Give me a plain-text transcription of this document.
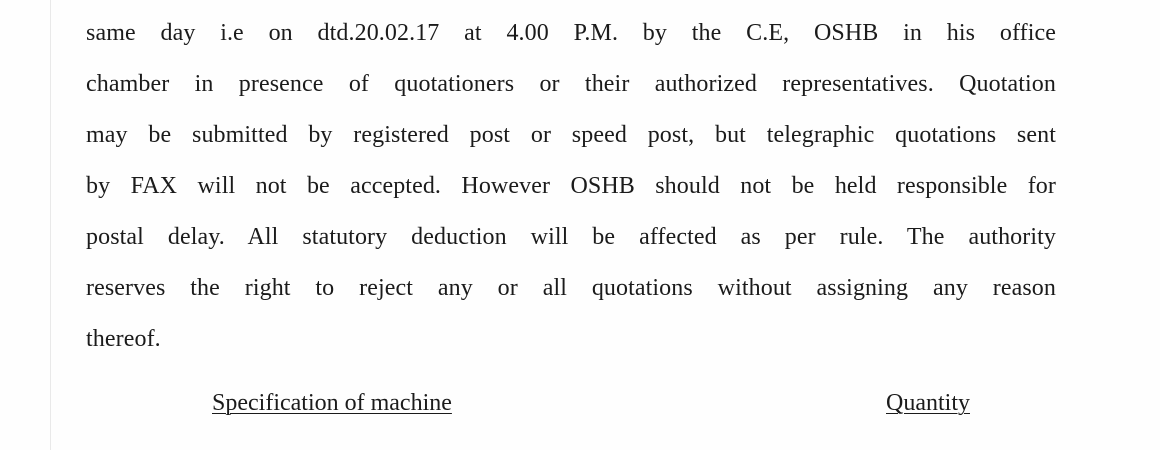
same day i.e on dtd.20.02.17 at 4.00 P.M. by the C.E, OSHB in his office
chamber in presence of quotationers or their authorized representatives. Quotation
may be submitted by registered post or speed post, but telegraphic quotations sent
by FAX will not be accepted. However OSHB should not be held responsible for
postal delay. All statutory deduction will be affected as per rule. The authority
reserves the right to reject any or all quotations without assigning any reason
thereof.
Specification of machine	Quantity
